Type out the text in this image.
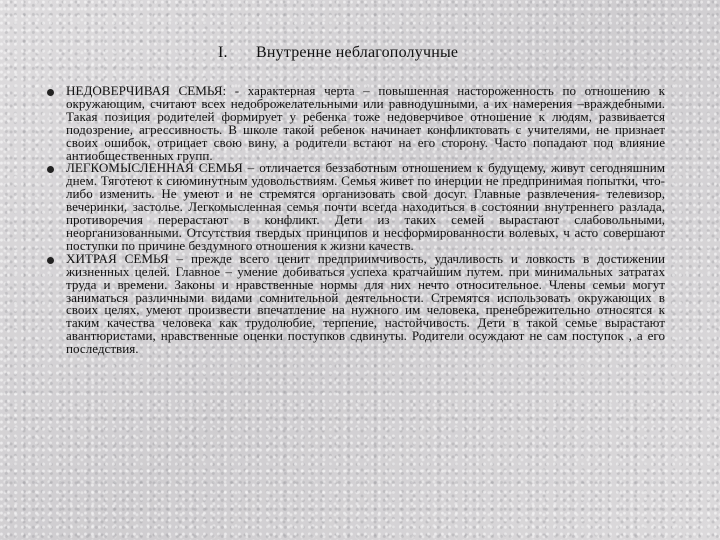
I. Внутренне неблагополучные

НЕДОВЕРЧИВАЯ СЕМЬЯ: - характерная черта – повышенная настороженность по отношению к окружающим, считают всех недоброжелательными или равнодушными, а их намерения –враждебными. Такая позиция родителей формирует у ребенка тоже недоверчивое отношение к людям, развивается подозрение, агрессивность. В школе такой ребенок начинает конфликтовать с учителями, не признает своих ошибок, отрицает свою вину, а родители встают на его сторону. Часто попадают под влияние антиобщественных групп.

ЛЕГКОМЫСЛЕННАЯ СЕМЬЯ – отличается беззаботным отношением к будущему, живут сегодняшним днем. Тяготеют к сиюминутным удовольствиям. Семья живет по инерции не предпринимая попытки, что-либо изменить. Не умеют и не стремятся организовать свой досуг. Главные развлечения- телевизор, вечеринки, застолье. Легкомысленная семья почти всегда находиться в состоянии внутреннего разлада, противоречия перерастают в конфликт. Дети из таких семей вырастают слабовольными, неорганизованными. Отсутствия твердых принципов и несформированности волевых, ч асто совершают поступки по причине бездумного отношения к жизни качеств.

ХИТРАЯ СЕМЬЯ – прежде всего ценит предприимчивость, удачливость и ловкость в достижении жизненных целей. Главное – умение добиваться успеха кратчайшим путем. при минимальных затратах труда и времени. Законы и нравственные нормы для них нечто относительное. Члены семьи могут заниматься различными видами сомнительной деятельности. Стремятся использовать окружающих в своих целях, умеют произвести впечатление на нужного им человека, пренебрежительно относятся к таким качества человека как трудолюбие, терпение, настойчивость. Дети в такой семье вырастают авантюристами, нравственные оценки поступков сдвинуты. Родители осуждают не сам поступок , а его последствия.
